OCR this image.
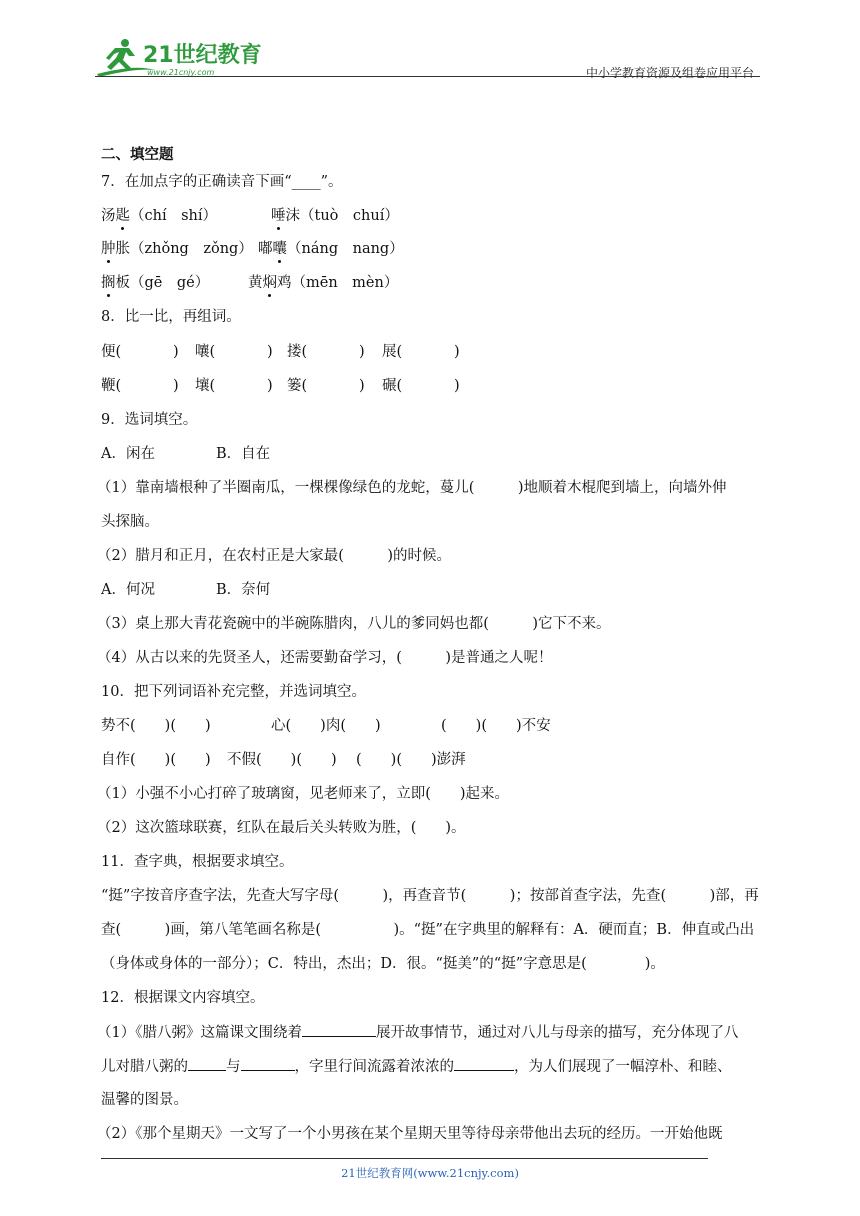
21世纪教育
www.21cnjy.com	中小学教育资源及组卷应用平台
二、填空题
7．在加点字的正确读音下画“____”。
汤匙（chí　shí）	唾沫（tuò　chuí）
肿胀（zhǒng　zǒng） 嘟囔（náng　nang）
搁板（gē　gé）	黄焖鸡（mēn　mèn）
8．比一比，再组词。
便(	) 嚷(	) 搂(	) 展(	)
鞭(	) 壤(	) 篓(	) 碾(	)
9．选词填空。
A．闲在	B．自在
（1）靠南墙根种了半圈南瓜，一棵棵像绿色的龙蛇，蔓儿(　　　)地顺着木棍爬到墙上，向墙外伸
头探脑。
（2）腊月和正月，在农村正是大家最(　　　)的时候。
A．何况	B．奈何
（3）桌上那大青花瓷碗中的半碗陈腊肉，八儿的爹同妈也都(　　　)它下不来。
（4）从古以来的先贤圣人，还需要勤奋学习，(　　　)是普通之人呢！
10．把下列词语补充完整，并选词填空。
势不(　　)(　　)	心(　　)肉(　　)	(　　)(　　)不安
自作(　　)(　　) 不假(　　)(　　) (　　)(　　)澎湃
（1）小强不小心打碎了玻璃窗，见老师来了，立即(　　)起来。
（2）这次篮球联赛，红队在最后关头转败为胜，(　　)。
11．查字典，根据要求填空。
“挺”字按音序查字法，先查大写字母(　　　)，再查音节(　　　)；按部首查字法，先查(　　　)部，再
查(　　　)画，第八笔笔画名称是(　　　　　)。“挺”在字典里的解释有：A．硬而直；B．伸直或凸出
（身体或身体的一部分）；C．特出，杰出；D．很。“挺美”的“挺”字意思是(　　　　)。
12．根据课文内容填空。
（1）《腊八粥》这篇课文围绕着	展开故事情节，通过对八儿与母亲的描写，充分体现了八
儿对腊八粥的	与	，字里行间流露着浓浓的	，为人们展现了一幅淳朴、和睦、
温馨的图景。
（2）《那个星期天》一文写了一个小男孩在某个星期天里等待母亲带他出去玩的经历。一开始他既
21世纪教育网(www.21cnjy.com)
